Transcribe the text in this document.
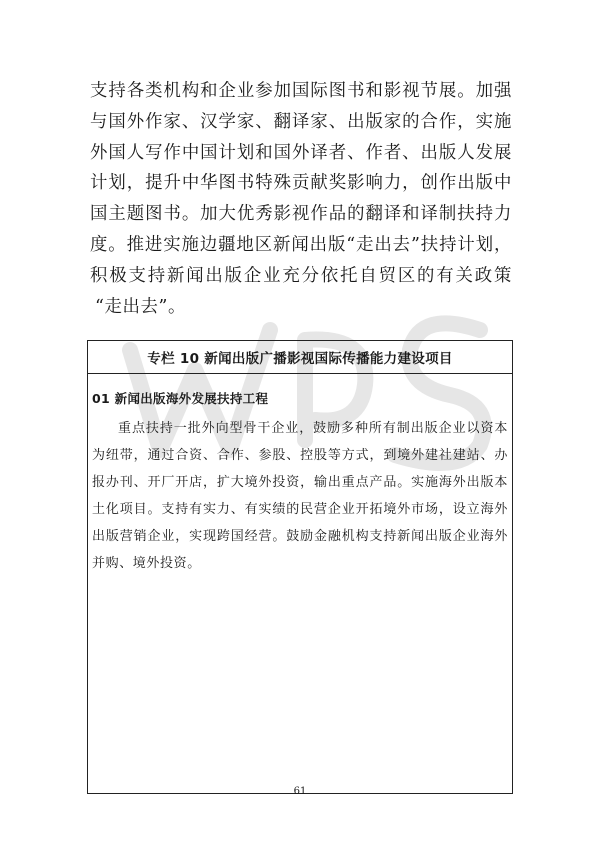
支持各类机构和企业参加国际图书和影视节展。加强

与国外作家、汉学家、翻译家、出版家的合作，实施

外国人写作中国计划和国外译者、作者、出版人发展

计划，提升中华图书特殊贡献奖影响力，创作出版中

国主题图书。加大优秀影视作品的翻译和译制扶持力

度。推进实施边疆地区新闻出版“走出去”扶持计划，

积极支持新闻出版企业充分依托自贸区的有关政策

“走出去”。

专栏 10 新闻出版广播影视国际传播能力建设项目
01 新闻出版海外发展扶持工程

重点扶持一批外向型骨干企业，鼓励多种所有制出版企业以资本为纽带，通过合资、合作、参股、控股等方式，到境外建社建站、办报办刊、开厂开店，扩大境外投资，输出重点产品。实施海外出版本土化项目。支持有实力、有实绩的民营企业开拓境外市场，设立海外出版营销企业，实现跨国经营。鼓励金融机构支持新闻出版企业海外并购、境外投资。

61
